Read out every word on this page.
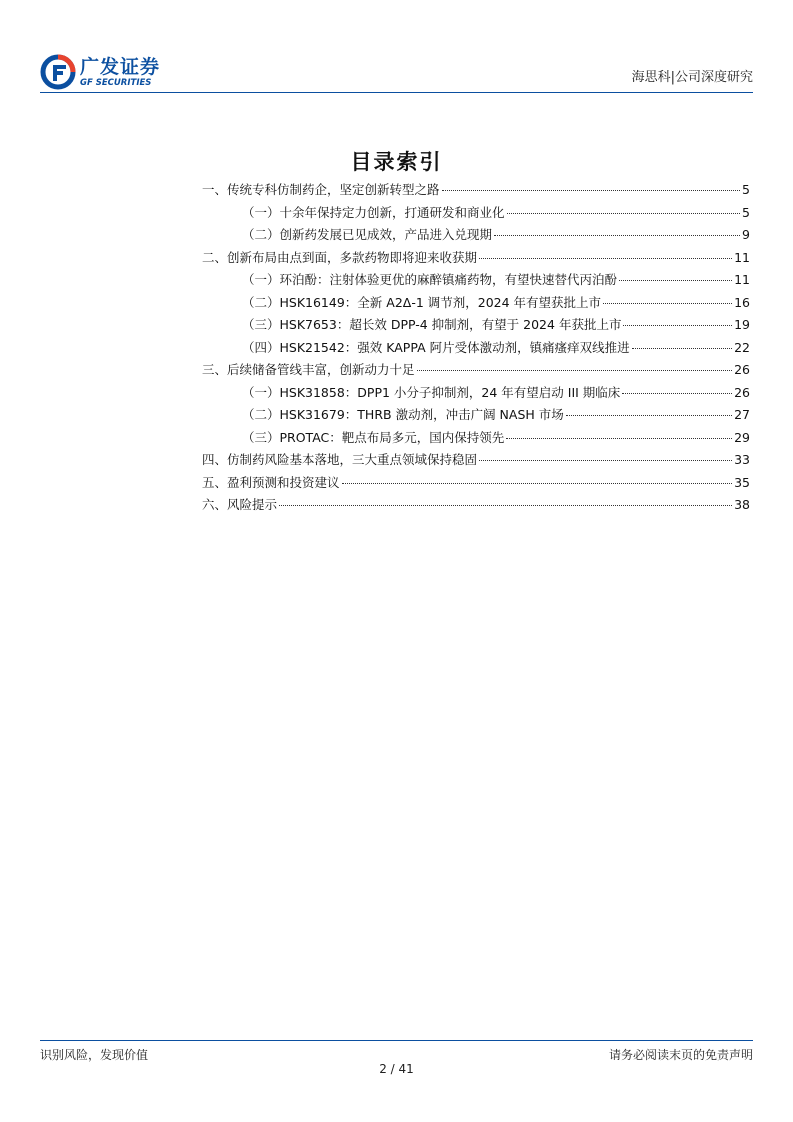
广发证券
GF SECURITIES	海思科|公司深度研究
目录索引
一、传统专科仿制药企，坚定创新转型之路	5
（一）十余年保持定力创新，打通研发和商业化	5
（二）创新药发展已见成效，产品进入兑现期	9
二、创新布局由点到面，多款药物即将迎来收获期	11
（一）环泊酚：注射体验更优的麻醉镇痛药物，有望快速替代丙泊酚	11
（二）HSK16149：全新 A2Δ-1 调节剂，2024 年有望获批上市	16
（三）HSK7653：超长效 DPP-4 抑制剂，有望于 2024 年获批上市	19
（四）HSK21542：强效 KAPPA 阿片受体激动剂，镇痛瘙痒双线推进	22
三、后续储备管线丰富，创新动力十足	26
（一）HSK31858：DPP1 小分子抑制剂，24 年有望启动 III 期临床	26
（二）HSK31679：THRB 激动剂，冲击广阔 NASH 市场	27
（三）PROTAC：靶点布局多元，国内保持领先	29
四、仿制药风险基本落地，三大重点领域保持稳固	33
五、盈利预测和投资建议	35
六、风险提示	38
识别风险，发现价值	请务必阅读末页的免责声明
2 / 41
